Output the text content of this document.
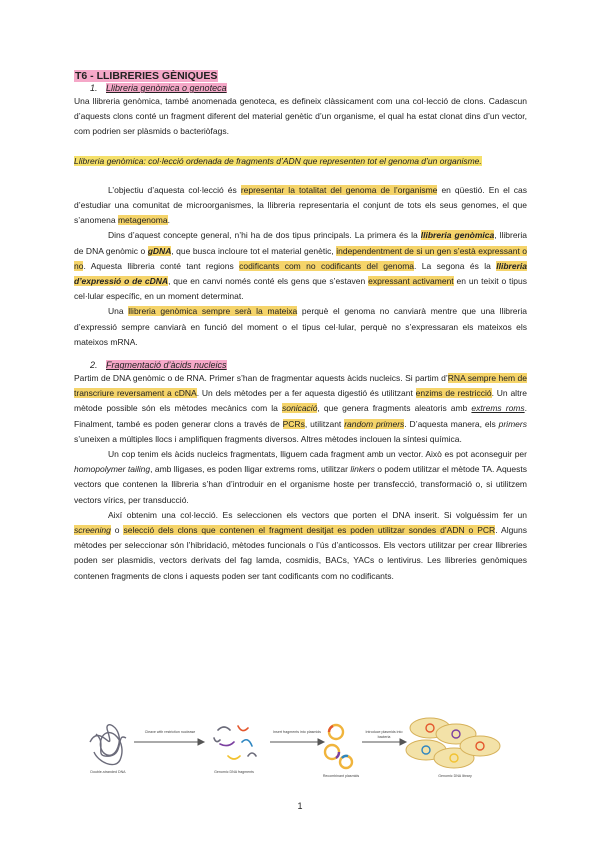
T6 - LLIBRERIES GÈNIQUES
1. Llibreria genòmica o genoteca

Una llibreria genòmica, també anomenada genoteca, es defineix clàssicament com una col·lecció de clons. Cadascun d’aquests clons conté un fragment diferent del material genètic d’un organisme, el qual ha estat clonat dins d’un vector, com podrien ser plàsmids o bacteriòfags.

Llibreria genòmica: col·lecció ordenada de fragments d’ADN que representen tot el genoma d’un organisme.

L’objectiu d’aquesta col·lecció és representar la totalitat del genoma de l’organisme en qüestió. En el cas d’estudiar una comunitat de microorganismes, la llibreria representaria el conjunt de tots els seus genomes, el que s’anomena metagenoma.

Dins d’aquest concepte general, n’hi ha de dos tipus principals. La primera és la llibreria genòmica, llibreria de DNA genòmic o gDNA, que busca incloure tot el material genètic, independentment de si un gen s’està expressant o no. Aquesta llibreria conté tant regions codificants com no codificants del genoma. La segona és la llibreria d’expressió o de cDNA, que en canvi només conté els gens que s’estaven expressant activament en un teixit o tipus cel·lular específic, en un moment determinat.

Una llibreria genòmica sempre serà la mateixa perquè el genoma no canviarà mentre que una llibreria d’expressió sempre canviarà en funció del moment o el tipus cel·lular, perquè no s’expressaran els mateixos els mateixos mRNA.

2. Fragmentació d’àcids nucleics

Partim de DNA genòmic o de RNA. Primer s’han de fragmentar aquests àcids nucleics. Si partim d’RNA sempre hem de transcriure reversament a cDNA. Un dels mètodes per a fer aquesta digestió és utilitzant enzims de restricció. Un altre mètode possible són els mètodes mecànics com la sonicació, que genera fragments aleatoris amb extrems roms. Finalment, també es poden generar clons a través de PCRs, utilitzant random primers. D’aquesta manera, els primers s’uneixen a múltiples llocs i amplifiquen fragments diversos. Altres mètodes inclouen la síntesi química.

Un cop tenim els àcids nucleics fragmentats, lliguem cada fragment amb un vector. Això es pot aconseguir per homopolymer tailing, amb lligases, es poden lligar extrems roms, utilitzar linkers o podem utilitzar el mètode TA. Aquests vectors que contenen la llibreria s’han d’introduir en el organisme hoste per transfecció, transformació o, si utilitzem vectors vírics, per transducció.

Així obtenim una col·lecció. Es seleccionen els vectors que porten el DNA inserit. Si volguéssim fer un screening o selecció dels clons que contenen el fragment desitjat es poden utilitzar sondes d’ADN o PCR. Alguns mètodes per seleccionar són l’hibridació, mètodes funcionals o l’ús d’anticossos. Els vectors utilitzar per crear llibreries poden ser plasmidis, vectors derivats del fag lamda, cosmidis, BACs, YACs o lentivirus. Les llibreries genòmiques contenen fragments de clons i aquests poden ser tant codificants com no codificants.

Double-stranded DNA
Cleave with restriction nuclease
Genomic DNA fragments
Insert fragments into plasmids
Recombinant plasmids
Introduce plasmids into bacteria
Genomic DNA library
1
